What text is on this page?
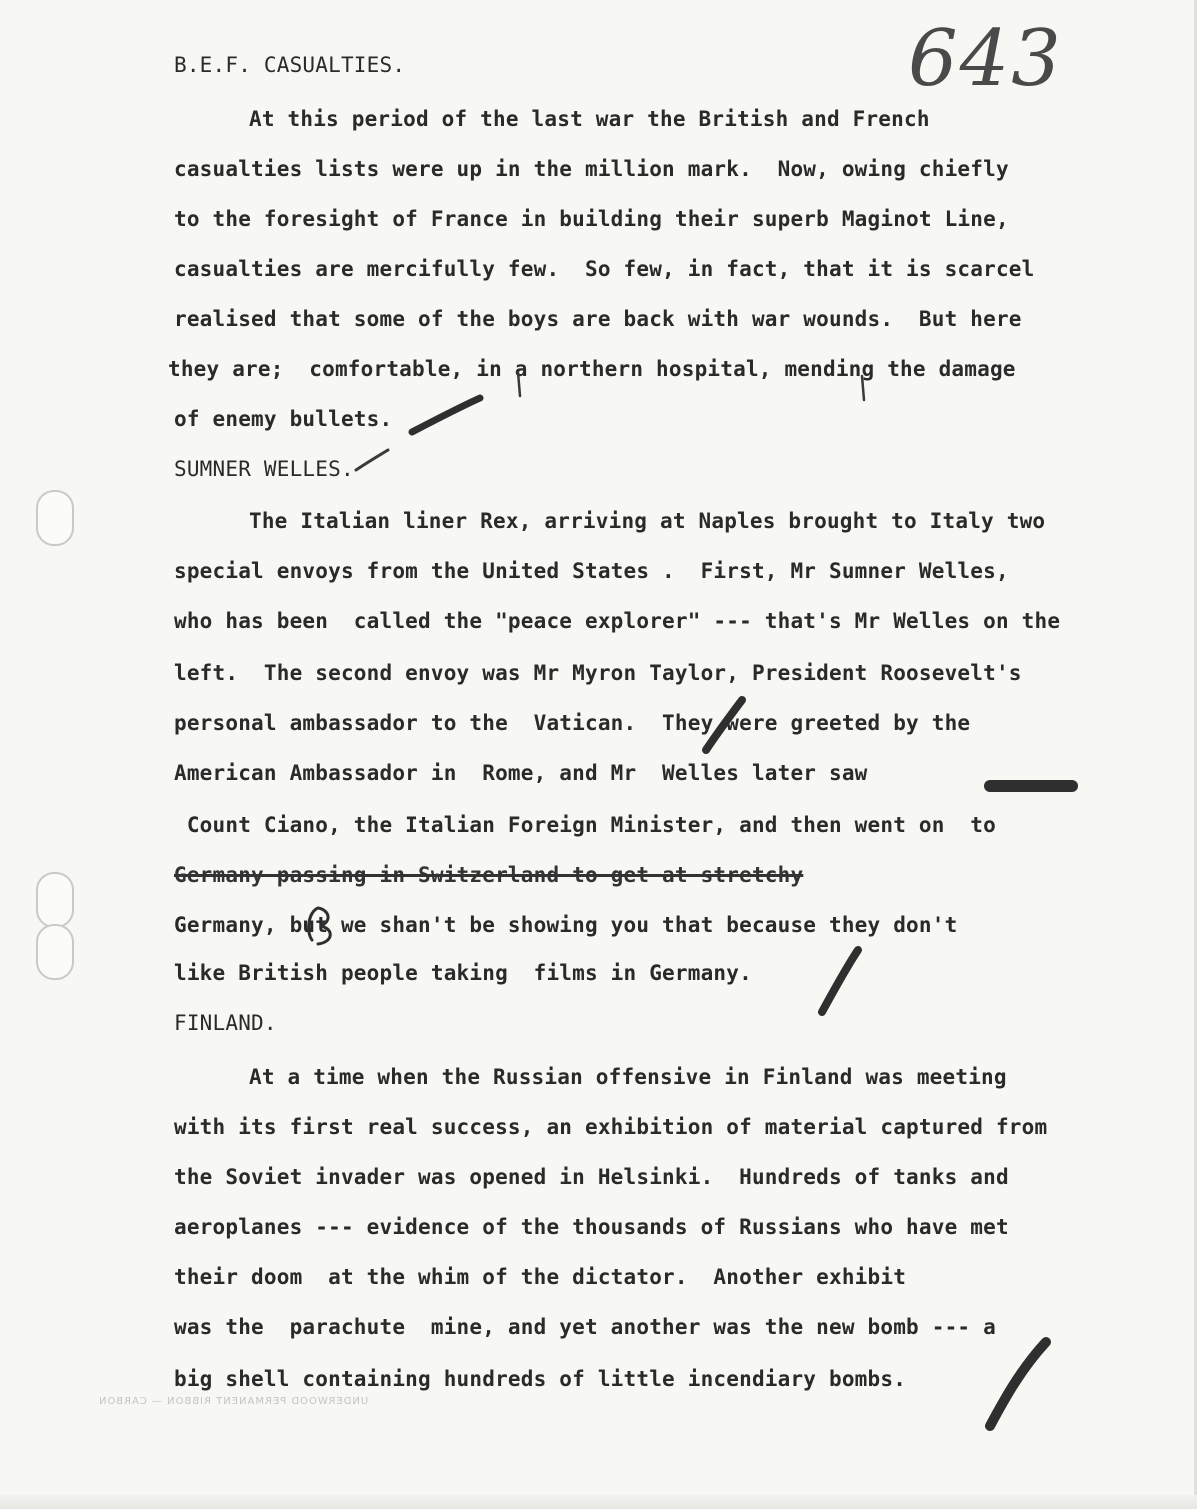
643
B.E.F. CASUALTIES.
At this period of the last war the British and French
casualties lists were up in the million mark.  Now, owing chiefly
to the foresight of France in building their superb Maginot Line,
casualties are mercifully few.  So few, in fact, that it is scarcel
realised that some of the boys are back with war wounds.  But here
they are;  comfortable, in a northern hospital, mending the damage
of enemy bullets.
SUMNER WELLES.
The Italian liner Rex, arriving at Naples brought to Italy two
special envoys from the United States .  First, Mr Sumner Welles,
who has been  called the "peace explorer" --- that's Mr Welles on the
left.  The second envoy was Mr Myron Taylor, President Roosevelt's
personal ambassador to the  Vatican.  They were greeted by the
American Ambassador in  Rome, and Mr  Welles later saw
Count Ciano, the Italian Foreign Minister, and then went on  to
Germany passing in Switzerland to get at stretchy
Germany, but we shan't be showing you that because they don't
like British people taking  films in Germany.
FINLAND.
At a time when the Russian offensive in Finland was meeting
with its first real success, an exhibition of material captured from
the Soviet invader was opened in Helsinki.  Hundreds of tanks and
aeroplanes --- evidence of the thousands of Russians who have met
their doom  at the whim of the dictator.  Another exhibit
was the  parachute  mine, and yet another was the new bomb --- a
big shell containing hundreds of little incendiary bombs.
UNDERWOOD PERMANENT RIBBON — CARBON
